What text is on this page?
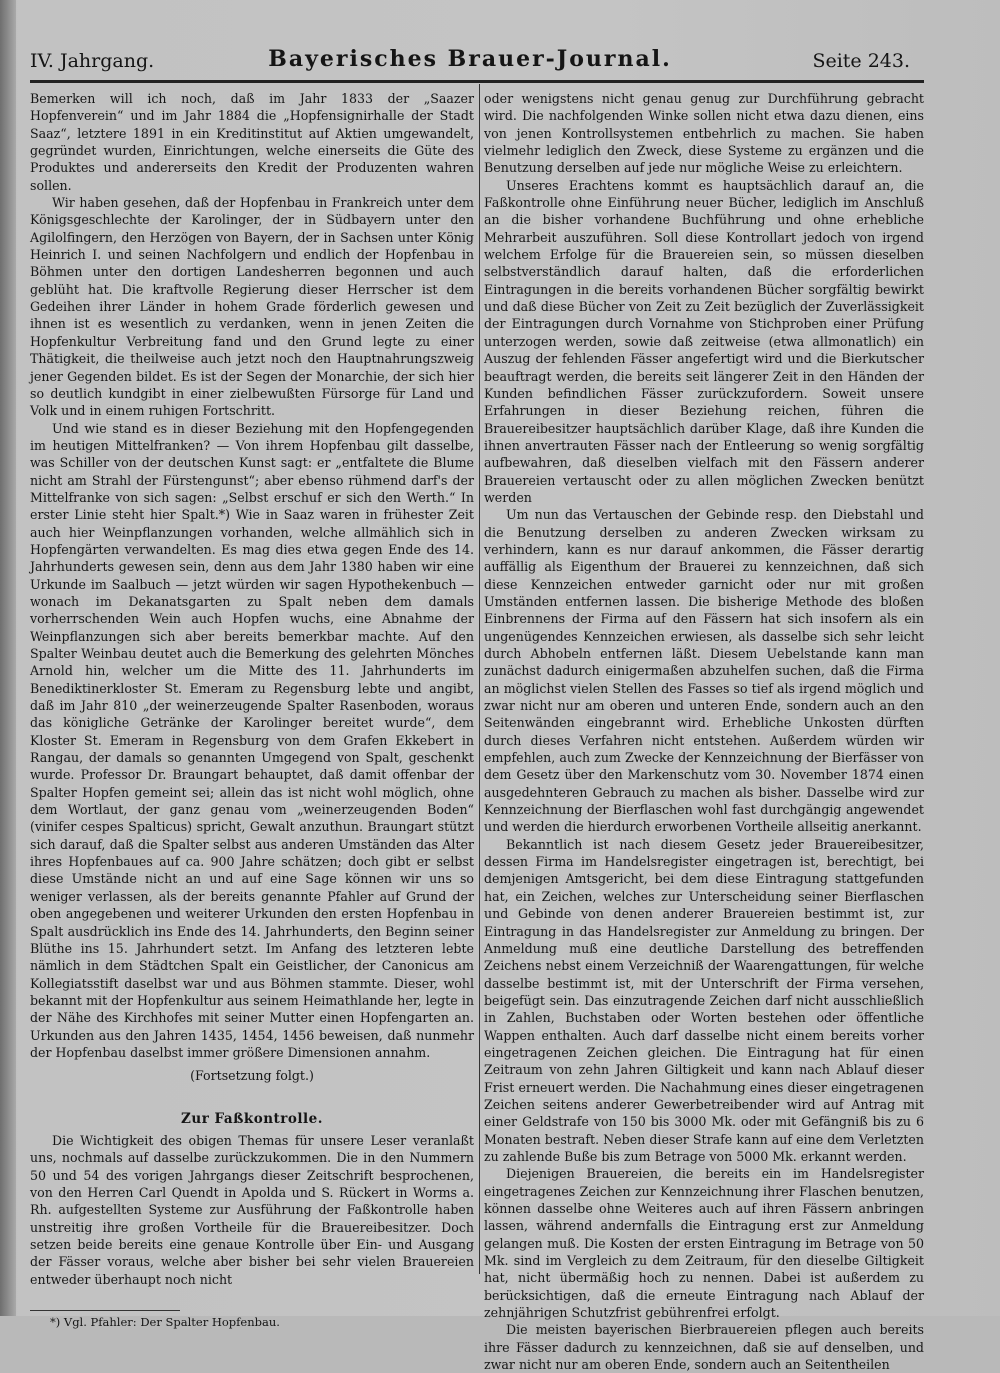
IV. Jahrgang.	Bayerisches Brauer-Journal.	Seite 243.

Bemerken will ich noch, daß im Jahr 1833 der „Saazer Hopfenverein“ und im Jahr 1884 die „Hopfensignirhalle der Stadt Saaz“, letztere 1891 in ein Kreditinstitut auf Aktien umgewandelt, gegründet wurden, Einrichtungen, welche einerseits die Güte des Produktes und andererseits den Kredit der Produzenten wahren sollen.

Wir haben gesehen, daß der Hopfenbau in Frankreich unter dem Königsgeschlechte der Karolinger, der in Südbayern unter den Agilolfingern, den Herzögen von Bayern, der in Sachsen unter König Heinrich I. und seinen Nachfolgern und endlich der Hopfenbau in Böhmen unter den dortigen Landesherren begonnen und auch geblüht hat. Die kraftvolle Regierung dieser Herrscher ist dem Gedeihen ihrer Länder in hohem Grade förderlich gewesen und ihnen ist es wesentlich zu verdanken, wenn in jenen Zeiten die Hopfenkultur Verbreitung fand und den Grund legte zu einer Thätigkeit, die theilweise auch jetzt noch den Hauptnahrungszweig jener Gegenden bildet. Es ist der Segen der Monarchie, der sich hier so deutlich kundgibt in einer zielbewußten Fürsorge für Land und Volk und in einem ruhigen Fortschritt.

Und wie stand es in dieser Beziehung mit den Hopfengegenden im heutigen Mittelfranken? — Von ihrem Hopfenbau gilt dasselbe, was Schiller von der deutschen Kunst sagt: er „entfaltete die Blume nicht am Strahl der Fürstengunst“; aber ebenso rühmend darf's der Mittelfranke von sich sagen: „Selbst erschuf er sich den Werth.“ In erster Linie steht hier Spalt.*) Wie in Saaz waren in frühester Zeit auch hier Weinpflanzungen vorhanden, welche allmählich sich in Hopfengärten verwandelten. Es mag dies etwa gegen Ende des 14. Jahrhunderts gewesen sein, denn aus dem Jahr 1380 haben wir eine Urkunde im Saalbuch — jetzt würden wir sagen Hypothekenbuch — wonach im Dekanatsgarten zu Spalt neben dem damals vorherrschenden Wein auch Hopfen wuchs, eine Abnahme der Weinpflanzungen sich aber bereits bemerkbar machte. Auf den Spalter Weinbau deutet auch die Bemerkung des gelehrten Mönches Arnold hin, welcher um die Mitte des 11. Jahrhunderts im Benediktinerkloster St. Emeram zu Regensburg lebte und angibt, daß im Jahr 810 „der weinerzeugende Spalter Rasenboden, woraus das königliche Getränke der Karolinger bereitet wurde“, dem Kloster St. Emeram in Regensburg von dem Grafen Ekkebert in Rangau, der damals so genannten Umgegend von Spalt, geschenkt wurde. Professor Dr. Braungart behauptet, daß damit offenbar der Spalter Hopfen gemeint sei; allein das ist nicht wohl möglich, ohne dem Wortlaut, der ganz genau vom „weinerzeugenden Boden“ (vinifer cespes Spalticus) spricht, Gewalt anzuthun. Braungart stützt sich darauf, daß die Spalter selbst aus anderen Umständen das Alter ihres Hopfenbaues auf ca. 900 Jahre schätzen; doch gibt er selbst diese Umstände nicht an und auf eine Sage können wir uns so weniger verlassen, als der bereits genannte Pfahler auf Grund der oben angegebenen und weiterer Urkunden den ersten Hopfenbau in Spalt ausdrücklich ins Ende des 14. Jahrhunderts, den Beginn seiner Blüthe ins 15. Jahrhundert setzt. Im Anfang des letzteren lebte nämlich in dem Städtchen Spalt ein Geistlicher, der Canonicus am Kollegiatsstift daselbst war und aus Böhmen stammte. Dieser, wohl bekannt mit der Hopfenkultur aus seinem Heimathlande her, legte in der Nähe des Kirchhofes mit seiner Mutter einen Hopfengarten an. Urkunden aus den Jahren 1435, 1454, 1456 beweisen, daß nunmehr der Hopfenbau daselbst immer größere Dimensionen annahm.

(Fortsetzung folgt.)

Zur Faßkontrolle.

Die Wichtigkeit des obigen Themas für unsere Leser veranlaßt uns, nochmals auf dasselbe zurückzukommen. Die in den Nummern 50 und 54 des vorigen Jahrgangs dieser Zeitschrift besprochenen, von den Herren Carl Quendt in Apolda und S. Rückert in Worms a. Rh. aufgestellten Systeme zur Ausführung der Faßkontrolle haben unstreitig ihre großen Vortheile für die Brauereibesitzer. Doch setzen beide bereits eine genaue Kontrolle über Ein- und Ausgang der Fässer voraus, welche aber bisher bei sehr vielen Brauereien entweder überhaupt noch nicht

*) Vgl. Pfahler: Der Spalter Hopfenbau.

oder wenigstens nicht genau genug zur Durchführung gebracht wird. Die nachfolgenden Winke sollen nicht etwa dazu dienen, eins von jenen Kontrollsystemen entbehrlich zu machen. Sie haben vielmehr lediglich den Zweck, diese Systeme zu ergänzen und die Benutzung derselben auf jede nur mögliche Weise zu erleichtern.

Unseres Erachtens kommt es hauptsächlich darauf an, die Faßkontrolle ohne Einführung neuer Bücher, lediglich im Anschluß an die bisher vorhandene Buchführung und ohne erhebliche Mehrarbeit auszuführen. Soll diese Kontrollart jedoch von irgend welchem Erfolge für die Brauereien sein, so müssen dieselben selbstverständlich darauf halten, daß die erforderlichen Eintragungen in die bereits vorhandenen Bücher sorgfältig bewirkt und daß diese Bücher von Zeit zu Zeit bezüglich der Zuverlässigkeit der Eintragungen durch Vornahme von Stichproben einer Prüfung unterzogen werden, sowie daß zeitweise (etwa allmonatlich) ein Auszug der fehlenden Fässer angefertigt wird und die Bierkutscher beauftragt werden, die bereits seit längerer Zeit in den Händen der Kunden befindlichen Fässer zurückzufordern. Soweit unsere Erfahrungen in dieser Beziehung reichen, führen die Brauereibesitzer hauptsächlich darüber Klage, daß ihre Kunden die ihnen anvertrauten Fässer nach der Entleerung so wenig sorgfältig aufbewahren, daß dieselben vielfach mit den Fässern anderer Brauereien vertauscht oder zu allen möglichen Zwecken benützt werden

Um nun das Vertauschen der Gebinde resp. den Diebstahl und die Benutzung derselben zu anderen Zwecken wirksam zu verhindern, kann es nur darauf ankommen, die Fässer derartig auffällig als Eigenthum der Brauerei zu kennzeichnen, daß sich diese Kennzeichen entweder garnicht oder nur mit großen Umständen entfernen lassen. Die bisherige Methode des bloßen Einbrennens der Firma auf den Fässern hat sich insofern als ein ungenügendes Kennzeichen erwiesen, als dasselbe sich sehr leicht durch Abhobeln entfernen läßt. Diesem Uebelstande kann man zunächst dadurch einigermaßen abzuhelfen suchen, daß die Firma an möglichst vielen Stellen des Fasses so tief als irgend möglich und zwar nicht nur am oberen und unteren Ende, sondern auch an den Seitenwänden eingebrannt wird. Erhebliche Unkosten dürften durch dieses Verfahren nicht entstehen. Außerdem würden wir empfehlen, auch zum Zwecke der Kennzeichnung der Bierfässer von dem Gesetz über den Markenschutz vom 30. November 1874 einen ausgedehnteren Gebrauch zu machen als bisher. Dasselbe wird zur Kennzeichnung der Bierflaschen wohl fast durchgängig angewendet und werden die hierdurch erworbenen Vortheile allseitig anerkannt.

Bekanntlich ist nach diesem Gesetz jeder Brauereibesitzer, dessen Firma im Handelsregister eingetragen ist, berechtigt, bei demjenigen Amtsgericht, bei dem diese Eintragung stattgefunden hat, ein Zeichen, welches zur Unterscheidung seiner Bierflaschen und Gebinde von denen anderer Brauereien bestimmt ist, zur Eintragung in das Handelsregister zur Anmeldung zu bringen. Der Anmeldung muß eine deutliche Darstellung des betreffenden Zeichens nebst einem Verzeichniß der Waarengattungen, für welche dasselbe bestimmt ist, mit der Unterschrift der Firma versehen, beigefügt sein. Das einzutragende Zeichen darf nicht ausschließlich in Zahlen, Buchstaben oder Worten bestehen oder öffentliche Wappen enthalten. Auch darf dasselbe nicht einem bereits vorher eingetragenen Zeichen gleichen. Die Eintragung hat für einen Zeitraum von zehn Jahren Giltigkeit und kann nach Ablauf dieser Frist erneuert werden. Die Nachahmung eines dieser eingetragenen Zeichen seitens anderer Gewerbetreibender wird auf Antrag mit einer Geldstrafe von 150 bis 3000 Mk. oder mit Gefängniß bis zu 6 Monaten bestraft. Neben dieser Strafe kann auf eine dem Verletzten zu zahlende Buße bis zum Betrage von 5000 Mk. erkannt werden.

Diejenigen Brauereien, die bereits ein im Handelsregister eingetragenes Zeichen zur Kennzeichnung ihrer Flaschen benutzen, können dasselbe ohne Weiteres auch auf ihren Fässern anbringen lassen, während andernfalls die Eintragung erst zur Anmeldung gelangen muß. Die Kosten der ersten Eintragung im Betrage von 50 Mk. sind im Vergleich zu dem Zeitraum, für den dieselbe Giltigkeit hat, nicht übermäßig hoch zu nennen. Dabei ist außerdem zu berücksichtigen, daß die erneute Eintragung nach Ablauf der zehnjährigen Schutzfrist gebührenfrei erfolgt.

Die meisten bayerischen Bierbrauereien pflegen auch bereits ihre Fässer dadurch zu kennzeichnen, daß sie auf denselben, und zwar nicht nur am oberen Ende, sondern auch an Seitentheilen
